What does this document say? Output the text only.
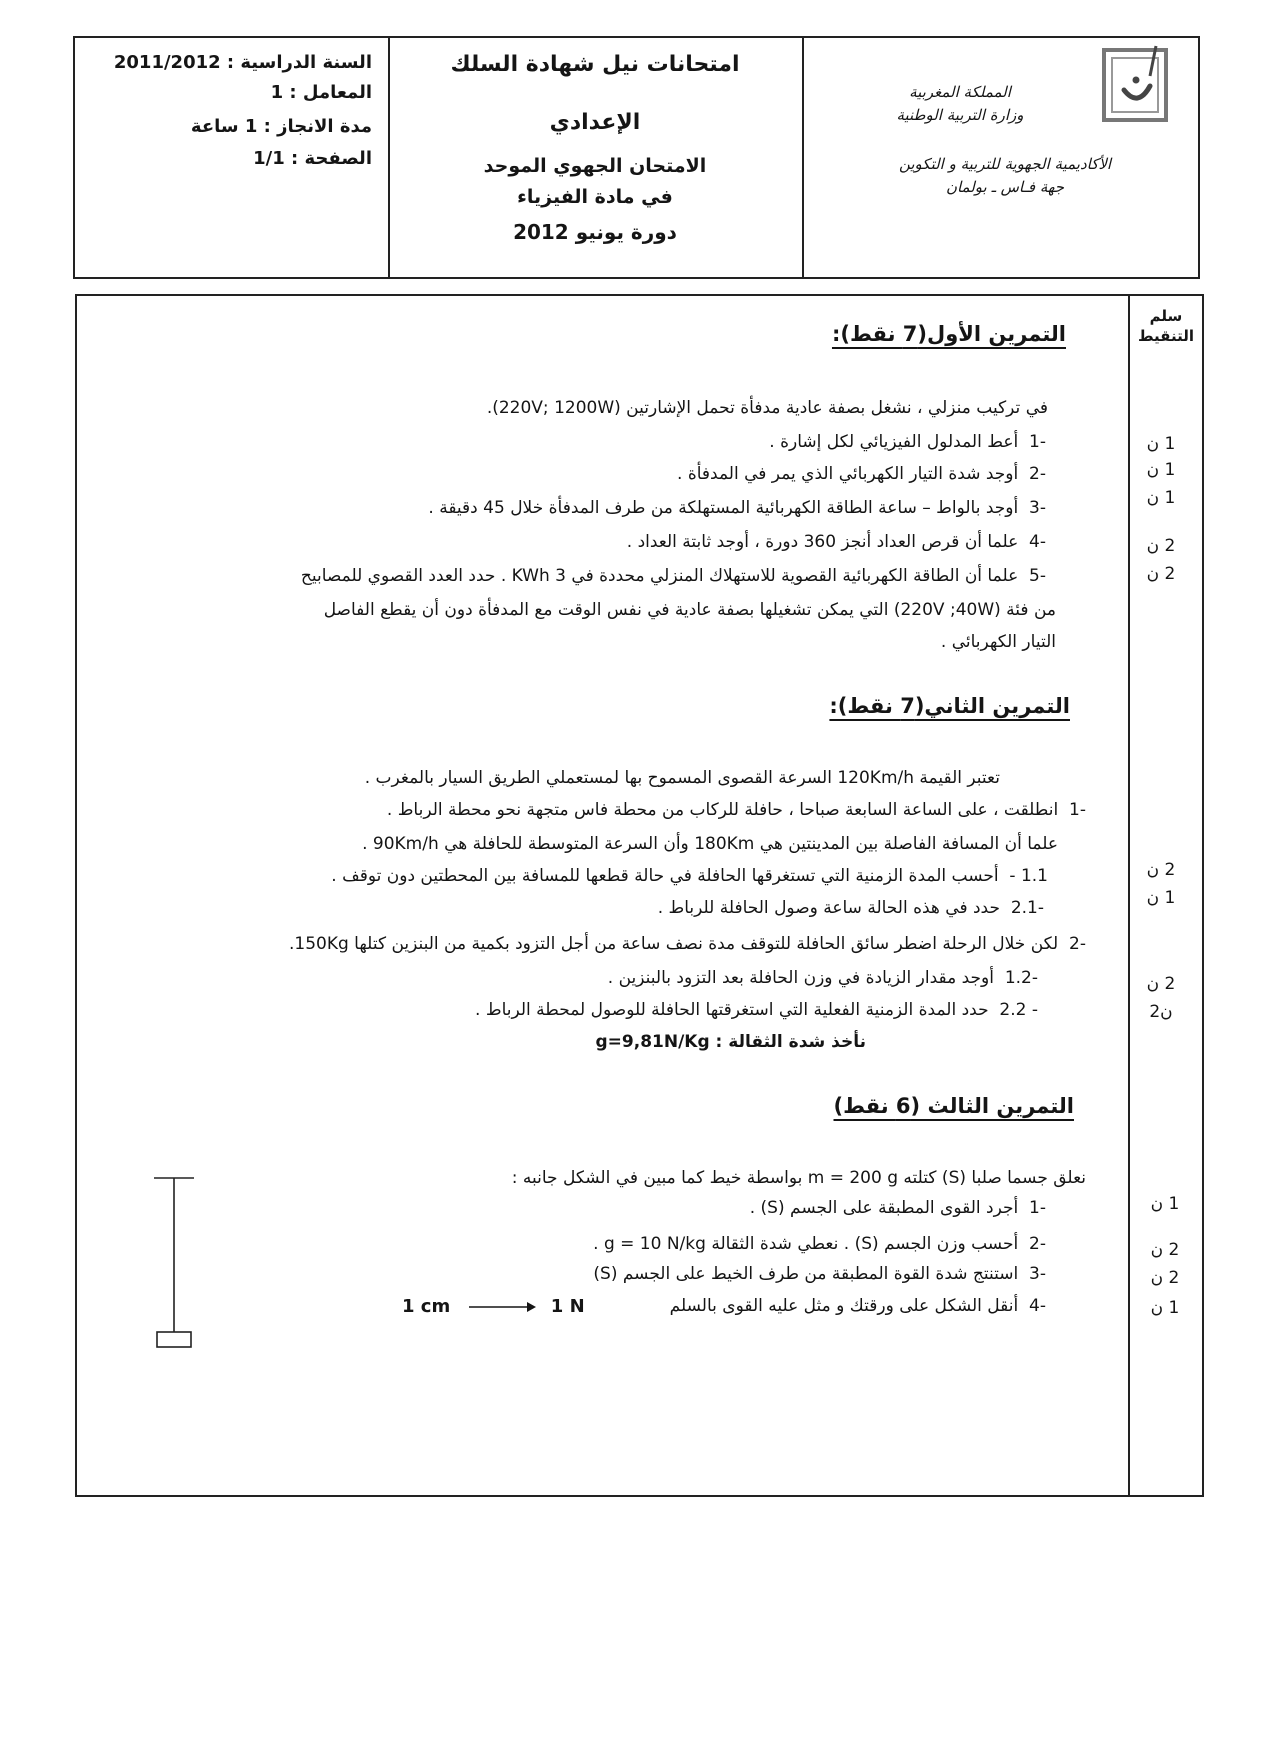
المملكة المغربية
وزارة التربية الوطنية
الأكاديمية الجهوية للتربية و التكوين
جهة فـاس ـ بولمان
امتحانات نيل شهادة السلك
الإعدادي
الامتحان الجهوي الموحد
في مادة الفيزياء
دورة يونيو 2012
السنة الدراسية : 2011/2012
المعامل : 1
مدة الانجاز : 1 ساعة
الصفحة : 1/1
سلم
التنقيط
التمرين الأول(7 نقط):
في تركيب منزلي ، نشغل بصفة عادية مدفأة تحمل الإشارتين (220V; 1200W).
-1  أعط المدلول الفيزيائي لكل إشارة .
-2  أوجد شدة التيار الكهربائي الذي يمر في المدفأة .
-3  أوجد بالواط – ساعة الطاقة الكهربائية المستهلكة من طرف المدفأة خلال 45 دقيقة .
-4  علما أن قرص العداد أنجز 360 دورة ، أوجد ثابتة العداد .
-5  علما أن الطاقة الكهربائية القصوية للاستهلاك المنزلي محددة في 3 KWh . حدد العدد القصوي للمصابيح
من فئة (220V ;40W) التي يمكن تشغيلها بصفة عادية في نفس الوقت مع المدفأة دون أن يقطع الفاصل
التيار الكهربائي .
1 ن
1 ن
1 ن
2 ن
2 ن
التمرين الثاني(7 نقط):
تعتبر القيمة 120Km/h السرعة القصوى المسموح بها لمستعملي الطريق السيار بالمغرب .
-1  انطلقت ، على الساعة السابعة صباحا ، حافلة للركاب من محطة فاس متجهة نحو محطة الرباط .
علما أن المسافة الفاصلة بين المدينتين هي 180Km وأن السرعة المتوسطة للحافلة هي 90Km/h .
1.1 -  أحسب المدة الزمنية التي تستغرقها الحافلة في حالة قطعها للمسافة بين المحطتين دون توقف .
-2.1  حدد في هذه الحالة ساعة وصول الحافلة للرباط .
-2  لكن خلال الرحلة اضطر سائق الحافلة للتوقف مدة نصف ساعة من أجل التزود بكمية من البنزين كتلها 150Kg.
-1.2  أوجد مقدار الزيادة في وزن الحافلة بعد التزود بالبنزين .
- 2.2  حدد المدة الزمنية الفعلية التي استغرقتها الحافلة للوصول لمحطة الرباط .
نأخذ شدة الثقالة : g=9,81N/Kg
2 ن
1 ن
2 ن
ن2
التمرين الثالث (6 نقط)
نعلق جسما صلبا (S) كتلته m = 200 g بواسطة خيط كما مبين في الشكل جانبه :
-1  أجرد القوى المطبقة على الجسم (S) .
-2  أحسب وزن الجسم (S) . نعطي شدة الثقالة g = 10 N/kg .
-3  استنتج شدة القوة المطبقة من طرف الخيط على الجسم (S)
-4  أنقل الشكل على ورقتك و مثل عليه القوى بالسلم
1 cm	1 N
1 ن
2 ن
2 ن
1 ن
